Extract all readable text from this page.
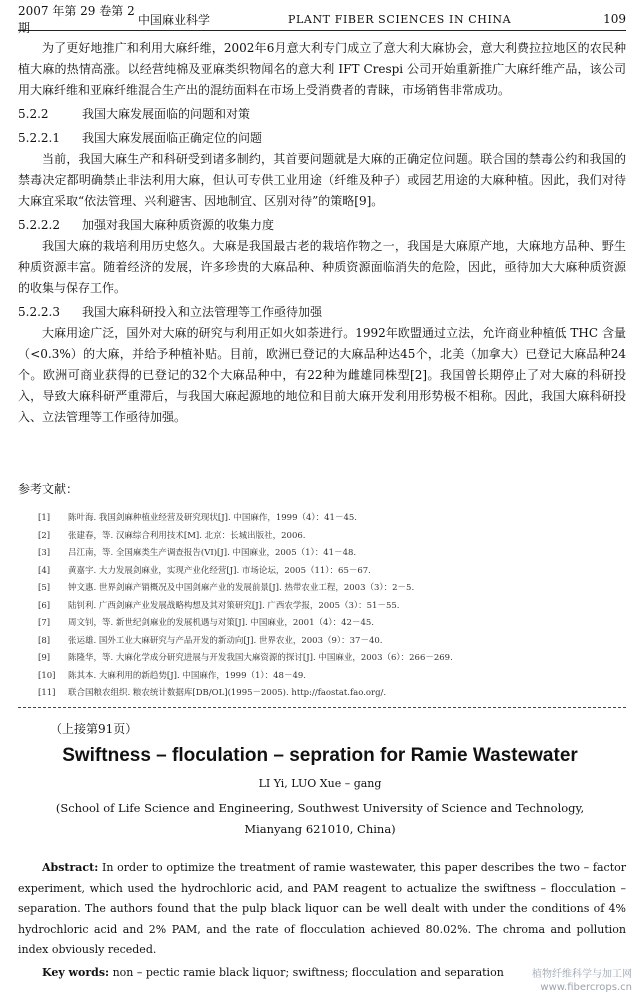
2007 年第 29 卷第 2 期
中国麻业科学	PLANT FIBER SCIENCES IN CHINA	109

为了更好地推广和利用大麻纤维，2002年6月意大利专门成立了意大利大麻协会，意大利费拉拉地区的农民种植大麻的热情高涨。以经营纯棉及亚麻类织物闻名的意大利 IFT Crespi 公司开始重新推广大麻纤维产品，该公司用大麻纤维和亚麻纤维混合生产出的混纺面料在市场上受消费者的青睐，市场销售非常成功。

5.2.2	我国大麻发展面临的问题和对策
5.2.2.1 我国大麻发展面临正确定位的问题

当前，我国大麻生产和科研受到诸多制约，其首要问题就是大麻的正确定位问题。联合国的禁毒公约和我国的禁毒决定都明确禁止非法利用大麻，但认可专供工业用途（纤维及种子）或园艺用途的大麻种植。因此，我们对待大麻宜采取“依法管理、兴利避害、因地制宜、区别对待”的策略[9]。

5.2.2.2 加强对我国大麻种质资源的收集力度

我国大麻的栽培利用历史悠久。大麻是我国最古老的栽培作物之一，我国是大麻原产地，大麻地方品种、野生种质资源丰富。随着经济的发展，许多珍贵的大麻品种、种质资源面临消失的危险，因此，亟待加大大麻种质资源的收集与保存工作。

5.2.2.3 我国大麻科研投入和立法管理等工作亟待加强

大麻用途广泛，国外对大麻的研究与利用正如火如荼进行。1992年欧盟通过立法，允许商业种植低 THC 含量（<0.3%）的大麻，并给予种植补贴。目前，欧洲已登记的大麻品种达45个，北美（加拿大）已登记大麻品种24个。欧洲可商业获得的已登记的32个大麻品种中，有22种为雌雄同株型[2]。我国曾长期停止了对大麻的科研投入，导致大麻科研严重滞后，与我国大麻起源地的地位和目前大麻开发利用形势极不相称。因此，我国大麻科研投入、立法管理等工作亟待加强。

参考文献：
[1]	陈叶海. 我国剑麻种植业经营及研究现状[J]. 中国麻作，1999（4）：41－45.
[2]	张建春，等. 汉麻综合利用技术[M]. 北京：长城出版社，2006.
[3]	吕江南，等. 全国麻类生产调查报告(VI)[J]. 中国麻业，2005（1）：41－48.
[4]	黄嘉宇. 大力发展剑麻业，实现产业化经营[J]. 市场论坛，2005（11）：65－67.
[5]	钟文惠. 世界剑麻产销概况及中国剑麻产业的发展前景[J]. 热带农业工程，2003（3）：2－5.
[6]	陆钊利. 广西剑麻产业发展战略构想及其对策研究[J]. 广西农学报，2005（3）：51－55.
[7]	周文钊，等. 新世纪剑麻业的发展机遇与对策[J]. 中国麻业，2001（4）：42－45.
[8]	张运雄. 国外工业大麻研究与产品开发的新动向[J]. 世界农业，2003（9）：37－40.
[9]	陈隆华，等. 大麻化学成分研究进展与开发我国大麻资源的探讨[J]. 中国麻业，2003（6）：266－269.
[10]	陈其本. 大麻利用的新趋势[J]. 中国麻作，1999（1）：48－49.
[11]	联合国粮农组织. 粮农统计数据库[DB/OL](1995－2005). http://faostat.fao.org/.
（上接第91页）
Swiftness – floculation – sepration for Ramie Wastewater
LI Yi, LUO Xue – gang
(School of Life Science and Engineering, Southwest University of Science and Technology, Mianyang 621010, China)
Abstract: In order to optimize the treatment of ramie wastewater, this paper describes the two – factor experiment, which used the hydrochloric acid, and PAM reagent to actualize the swiftness – flocculation – separation. The authors found that the pulp black liquor can be well dealt with under the conditions of 4% hydrochloric acid and 2% PAM, and the rate of flocculation achieved 80.02%. The chroma and pollution index obviously receded.
Key words: non – pectic ramie black liquor; swiftness; flocculation and separation	植物纤维科学与加工网
www.fibercrops.cn
